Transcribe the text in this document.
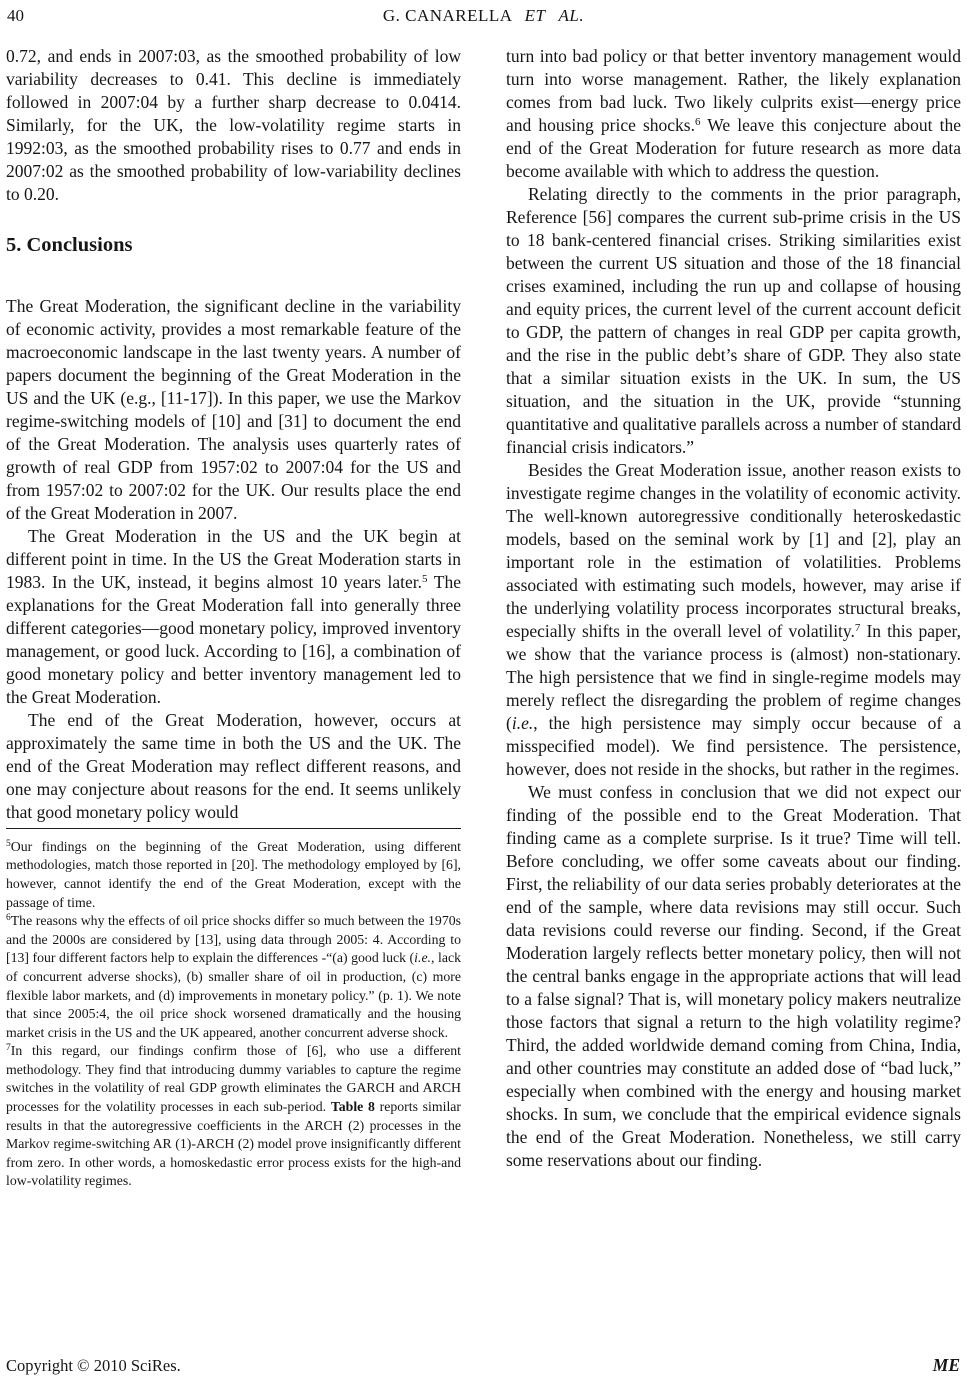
40	G. CANARELLA ET AL.

0.72, and ends in 2007:03, as the smoothed probability of low variability decreases to 0.41. This decline is immediately followed in 2007:04 by a further sharp decrease to 0.0414. Similarly, for the UK, the low-volatility regime starts in 1992:03, as the smoothed probability rises to 0.77 and ends in 2007:02 as the smoothed probability of low-variability declines to 0.20.

5. Conclusions

The Great Moderation, the significant decline in the variability of economic activity, provides a most remarkable feature of the macroeconomic landscape in the last twenty years. A number of papers document the beginning of the Great Moderation in the US and the UK (e.g., [11-17]). In this paper, we use the Markov regime-switching models of [10] and [31] to document the end of the Great Moderation. The analysis uses quarterly rates of growth of real GDP from 1957:02 to 2007:04 for the US and from 1957:02 to 2007:02 for the UK. Our results place the end of the Great Moderation in 2007.

The Great Moderation in the US and the UK begin at different point in time. In the US the Great Moderation starts in 1983. In the UK, instead, it begins almost 10 years later.$^5$ The explanations for the Great Moderation fall into generally three different categories—good monetary policy, improved inventory management, or good luck. According to [16], a combination of good monetary policy and better inventory management led to the Great Moderation.

The end of the Great Moderation, however, occurs at approximately the same time in both the US and the UK. The end of the Great Moderation may reflect different reasons, and one may conjecture about reasons for the end. It seems unlikely that good monetary policy would

$^5$Our findings on the beginning of the Great Moderation, using different methodologies, match those reported in [20]. The methodology employed by [6], however, cannot identify the end of the Great Moderation, except with the passage of time.

$^6$The reasons why the effects of oil price shocks differ so much between the 1970s and the 2000s are considered by [13], using data through 2005: 4. According to [13] four different factors help to explain the differences -“(a) good luck (i.e., lack of concurrent adverse shocks), (b) smaller share of oil in production, (c) more flexible labor markets, and (d) improvements in monetary policy.” (p. 1). We note that since 2005:4, the oil price shock worsened dramatically and the housing market crisis in the US and the UK appeared, another concurrent adverse shock.

$^7$In this regard, our findings confirm those of [6], who use a different methodology. They find that introducing dummy variables to capture the regime switches in the volatility of real GDP growth eliminates the GARCH and ARCH processes for the volatility processes in each sub-period. Table 8 reports similar results in that the autoregressive coefficients in the ARCH (2) processes in the Markov regime-switching AR (1)-ARCH (2) model prove insignificantly different from zero. In other words, a homoskedastic error process exists for the high-and low-volatility regimes.

turn into bad policy or that better inventory management would turn into worse management. Rather, the likely explanation comes from bad luck. Two likely culprits exist—energy price and housing price shocks.$^6$ We leave this conjecture about the end of the Great Moderation for future research as more data become available with which to address the question.

Relating directly to the comments in the prior paragraph, Reference [56] compares the current sub-prime crisis in the US to 18 bank-centered financial crises. Striking similarities exist between the current US situation and those of the 18 financial crises examined, including the run up and collapse of housing and equity prices, the current level of the current account deficit to GDP, the pattern of changes in real GDP per capita growth, and the rise in the public debt’s share of GDP. They also state that a similar situation exists in the UK. In sum, the US situation, and the situation in the UK, provide “stunning quantitative and qualitative parallels across a number of standard financial crisis indicators.”

Besides the Great Moderation issue, another reason exists to investigate regime changes in the volatility of economic activity. The well-known autoregressive conditionally heteroskedastic models, based on the seminal work by [1] and [2], play an important role in the estimation of volatilities. Problems associated with estimating such models, however, may arise if the underlying volatility process incorporates structural breaks, especially shifts in the overall level of volatility.$^7$ In this paper, we show that the variance process is (almost) non-stationary. The high persistence that we find in single-regime models may merely reflect the disregarding the problem of regime changes (i.e., the high persistence may simply occur because of a misspecified model). We find persistence. The persistence, however, does not reside in the shocks, but rather in the regimes.

We must confess in conclusion that we did not expect our finding of the possible end to the Great Moderation. That finding came as a complete surprise. Is it true? Time will tell. Before concluding, we offer some caveats about our finding. First, the reliability of our data series probably deteriorates at the end of the sample, where data revisions may still occur. Such data revisions could reverse our finding. Second, if the Great Moderation largely reflects better monetary policy, then will not the central banks engage in the appropriate actions that will lead to a false signal? That is, will monetary policy makers neutralize those factors that signal a return to the high volatility regime? Third, the added worldwide demand coming from China, India, and other countries may constitute an added dose of “bad luck,” especially when combined with the energy and housing market shocks. In sum, we conclude that the empirical evidence signals the end of the Great Moderation. Nonetheless, we still carry some reservations about our finding.

Copyright © 2010 SciRes.	ME
